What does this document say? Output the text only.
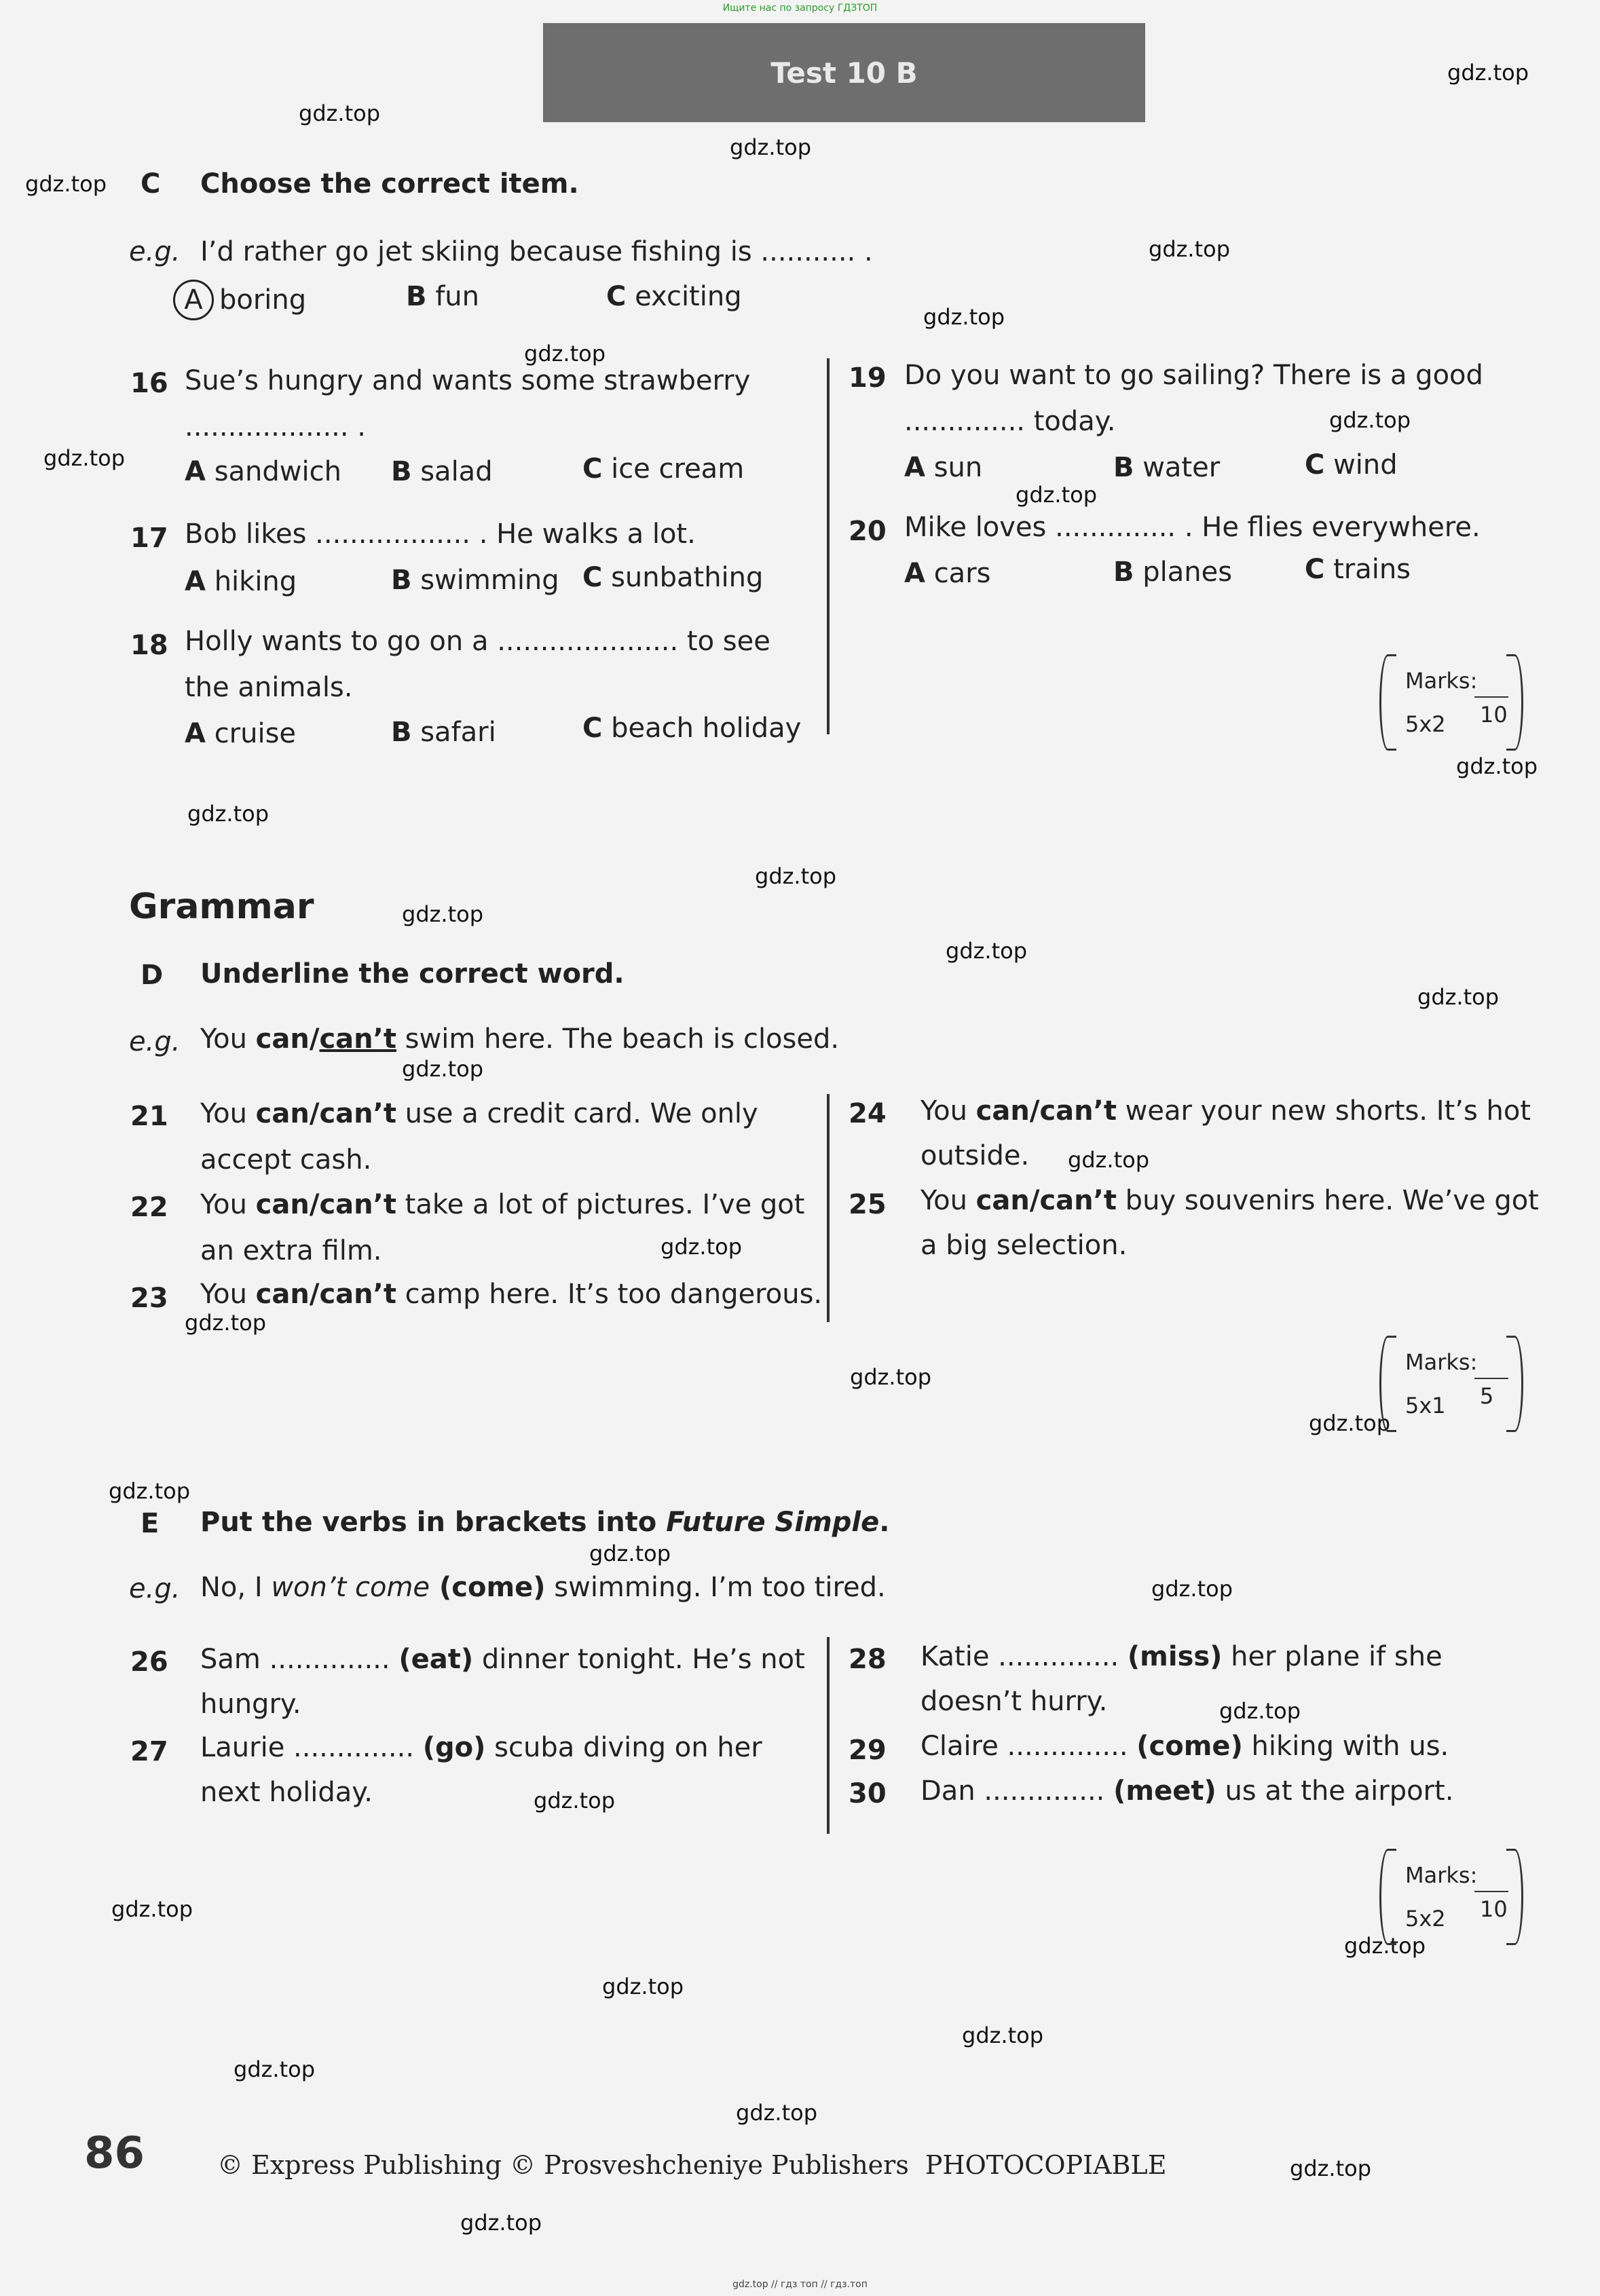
Ищите нас по запросу ГДЗТОП
Test 10 B	gdz.top
gdz.top
gdz.top
gdz.top
gdz.top
gdz.top
gdz.top
gdz.top
gdz.top
gdz.top
gdz.top
gdz.top
gdz.top
gdz.top
gdz.top
gdz.top
gdz.top
gdz.top
gdz.top
gdz.top
gdz.top
gdz.top
gdz.top
gdz.top
gdz.top
gdz.top
gdz.top
gdz.top
gdz.top
gdz.top
gdz.top
gdz.top
gdz.top
gdz.top
gdz.top
C Choose the correct item.
e.g. I’d rather go jet skiing because fishing is ........... .
A boring	B fun	C exciting
16 Sue’s hungry and wants some strawberry
................... .
A sandwich B salad	C ice cream
17 Bob likes .................. . He walks a lot.
A hiking	B swimming C sunbathing
18 Holly wants to go on a ..................... to see
the animals.
A cruise	B safari	C beach holiday
19 Do you want to go sailing? There is a good
.............. today.
A sun	B water	C wind
20 Mike loves .............. . He flies everywhere.
A cars	B planes	C trains
Marks:
10
5x2
Grammar
D Underline the correct word.
e.g. You can/can’t swim here. The beach is closed.
21 You can/can’t use a credit card. We only
accept cash.
22 You can/can’t take a lot of pictures. I’ve got
an extra film.
23 You can/can’t camp here. It’s too dangerous.
24 You can/can’t wear your new shorts. It’s hot
outside.
25 You can/can’t buy souvenirs here. We’ve got
a big selection.
Marks:
5
5x1
E Put the verbs in brackets into Future Simple.
e.g. No, I won’t come (come) swimming. I’m too tired.
26 Sam .............. (eat) dinner tonight. He’s not
hungry.
27 Laurie .............. (go) scuba diving on her
next holiday.
28 Katie .............. (miss) her plane if she
doesn’t hurry.
29 Claire .............. (come) hiking with us.
30 Dan .............. (meet) us at the airport.
Marks:
10
5x2
86	© Express Publishing © Prosveshcheniye Publishers PHOTOCOPIABLE
gdz.top // гдз топ // гдз.топ
